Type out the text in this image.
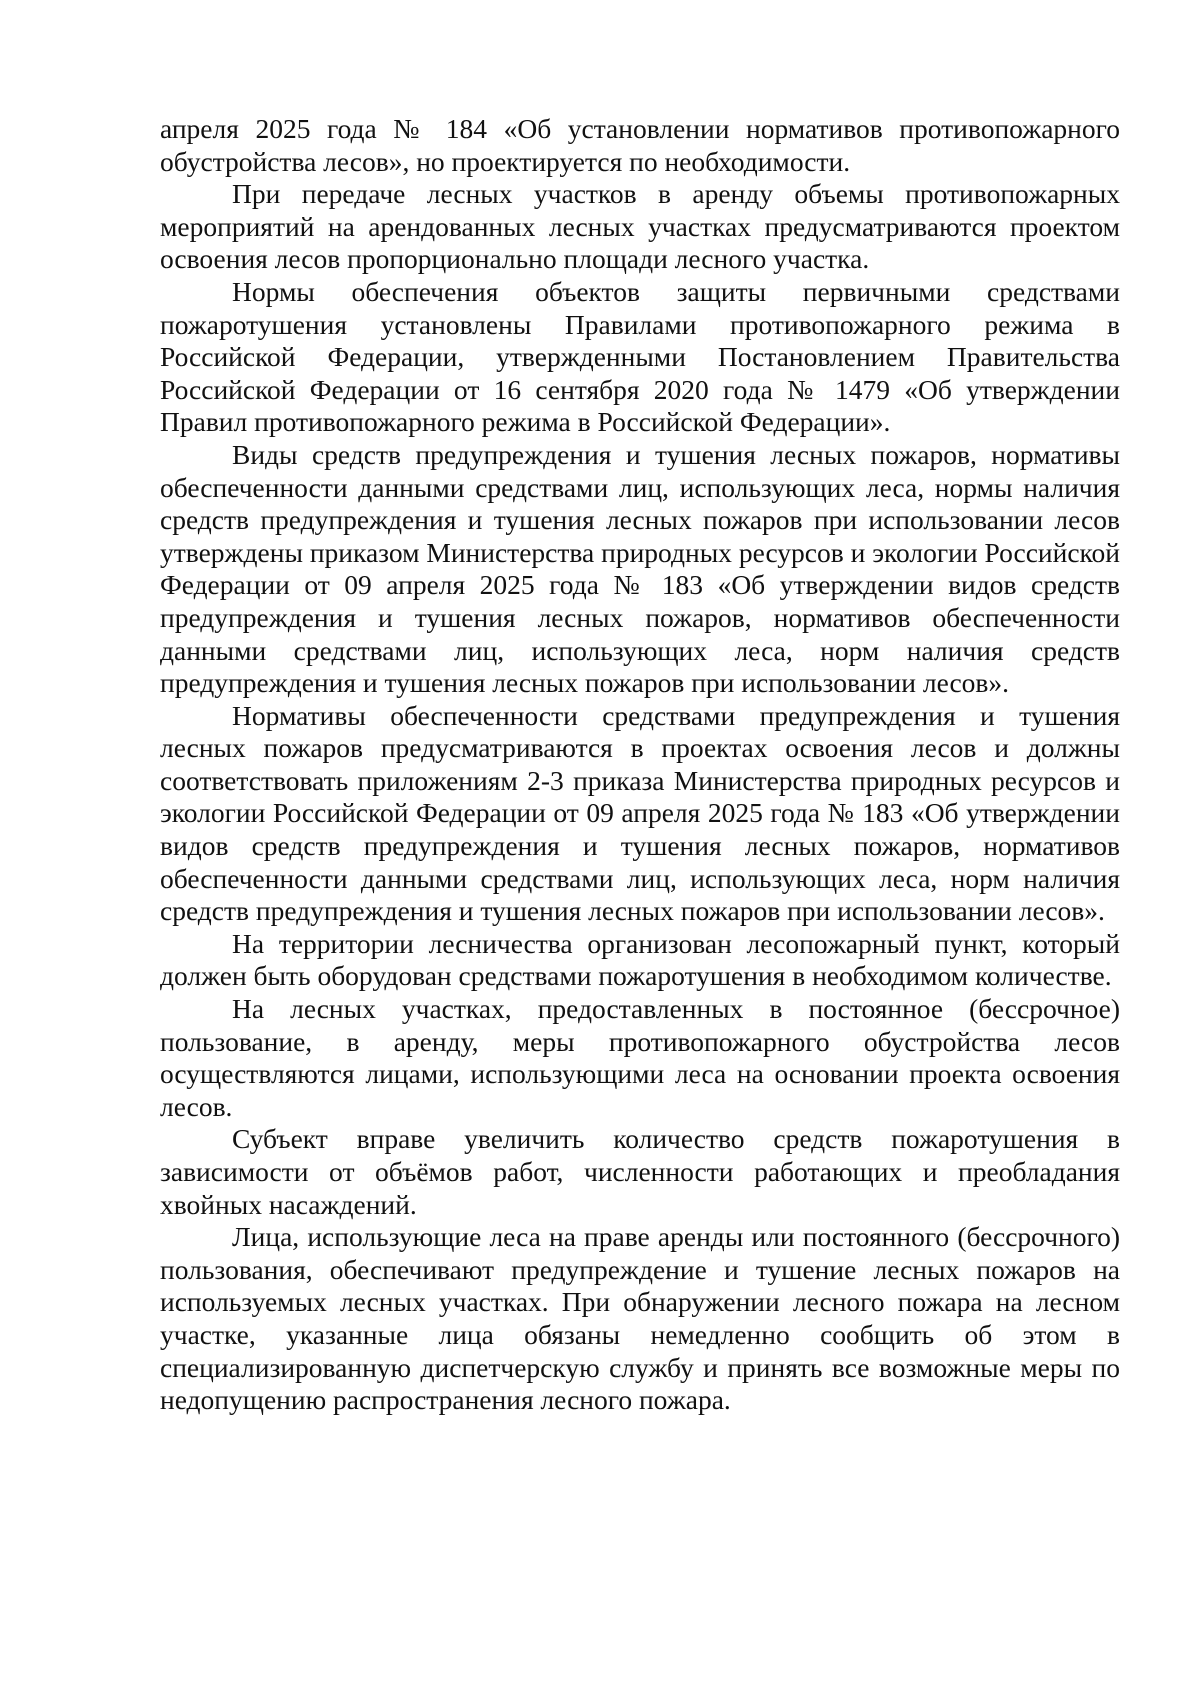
апреля 2025 года № 184 «Об установлении нормативов противопожарного обустройства лесов», но проектируется по необходимости.

При передаче лесных участков в аренду объемы противопожарных мероприятий на арендованных лесных участках предусматриваются проектом освоения лесов пропорционально площади лесного участка.

Нормы обеспечения объектов защиты первичными средствами пожаротушения установлены Правилами противопожарного режима в Российской Федерации, утвержденными Постановлением Правительства Российской Федерации от 16 сентября 2020 года № 1479 «Об утверждении Правил противопожарного режима в Российской Федерации».

Виды средств предупреждения и тушения лесных пожаров, нормативы обеспеченности данными средствами лиц, использующих леса, нормы наличия средств предупреждения и тушения лесных пожаров при использовании лесов утверждены приказом Министерства природных ресурсов и экологии Российской Федерации от 09 апреля 2025 года № 183 «Об утверждении видов средств предупреждения и тушения лесных пожаров, нормативов обеспеченности данными средствами лиц, использующих леса, норм наличия средств предупреждения и тушения лесных пожаров при использовании лесов».

Нормативы обеспеченности средствами предупреждения и тушения лесных пожаров предусматриваются в проектах освоения лесов и должны соответствовать приложениям 2-3 приказа Министерства природных ресурсов и экологии Российской Федерации от 09 апреля 2025 года № 183 «Об утверждении видов средств предупреждения и тушения лесных пожаров, нормативов обеспеченности данными средствами лиц, использующих леса, норм наличия средств предупреждения и тушения лесных пожаров при использовании лесов».

На территории лесничества организован лесопожарный пункт, который должен быть оборудован средствами пожаротушения в необходимом количестве.

На лесных участках, предоставленных в постоянное (бессрочное) пользование, в аренду, меры противопожарного обустройства лесов осуществляются лицами, использующими леса на основании проекта освоения лесов.

Субъект вправе увеличить количество средств пожаротушения в зависимости от объёмов работ, численности работающих и преобладания хвойных насаждений.

Лица, использующие леса на праве аренды или постоянного (бессрочного) пользования, обеспечивают предупреждение и тушение лесных пожаров на используемых лесных участках. При обнаружении лесного пожара на лесном участке, указанные лица обязаны немедленно сообщить об этом в специализированную диспетчерскую службу и принять все возможные меры по недопущению распространения лесного пожара.
